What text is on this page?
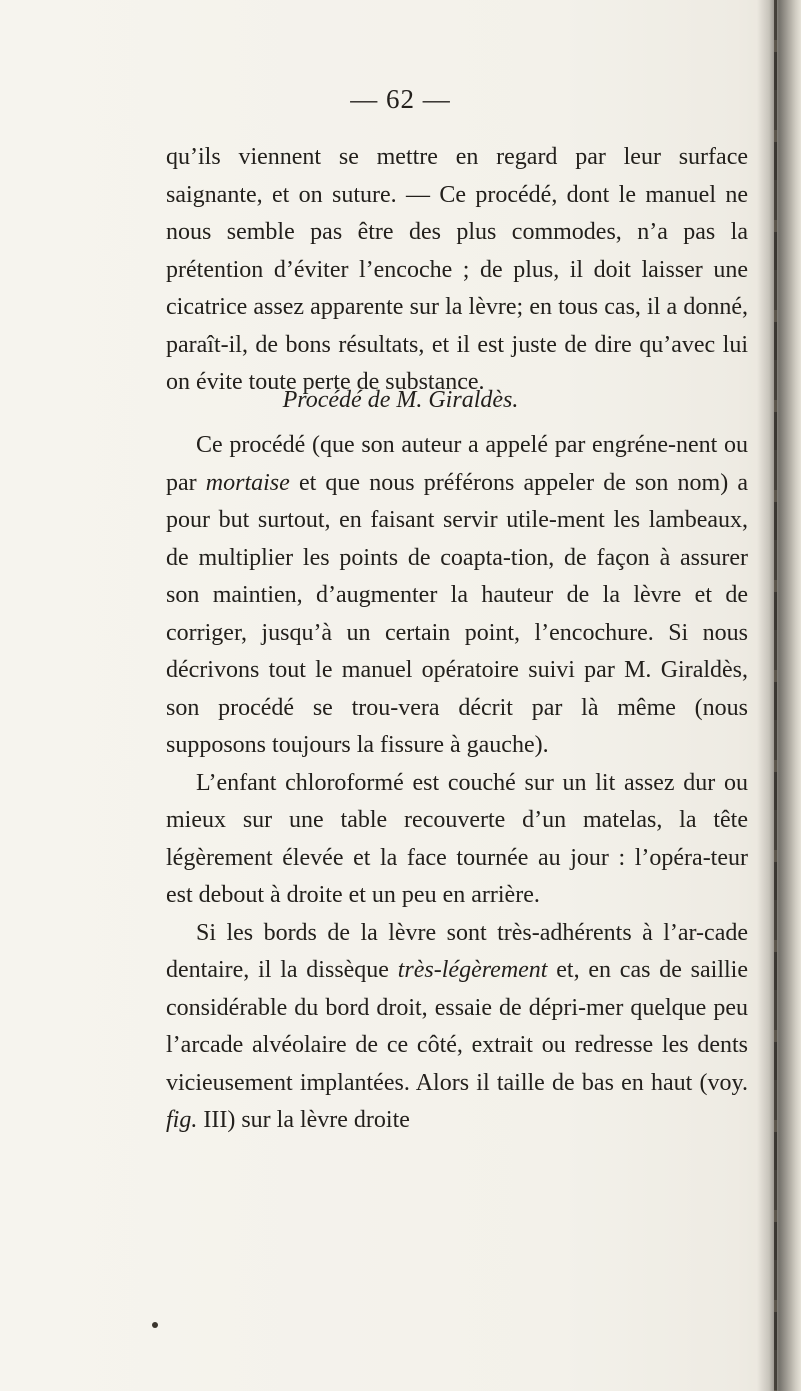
— 62 —

qu’ils viennent se mettre en regard par leur surface saignante, et on suture. — Ce procédé, dont le manuel ne nous semble pas être des plus commodes, n’a pas la prétention d’éviter l’encoche ; de plus, il doit laisser une cicatrice assez apparente sur la lèvre; en tous cas, il a donné, paraît-il, de bons résultats, et il est juste de dire qu’avec lui on évite toute perte de substance.

Procédé de M. Giraldès.

Ce procédé (que son auteur a appelé par engréne-nent ou par mortaise et que nous préférons appeler de son nom) a pour but surtout, en faisant servir utile-ment les lambeaux, de multiplier les points de coapta-tion, de façon à assurer son maintien, d’augmenter la hauteur de la lèvre et de corriger, jusqu’à un certain point, l’encochure. Si nous décrivons tout le manuel opératoire suivi par M. Giraldès, son procédé se trou-vera décrit par là même (nous supposons toujours la fissure à gauche).

L’enfant chloroformé est couché sur un lit assez dur ou mieux sur une table recouverte d’un matelas, la tête légèrement élevée et la face tournée au jour : l’opéra-teur est debout à droite et un peu en arrière.

Si les bords de la lèvre sont très-adhérents à l’ar-cade dentaire, il la dissèque très-légèrement et, en cas de saillie considérable du bord droit, essaie de dépri-mer quelque peu l’arcade alvéolaire de ce côté, extrait ou redresse les dents vicieusement implantées. Alors il taille de bas en haut (voy. fig. III) sur la lèvre droite
